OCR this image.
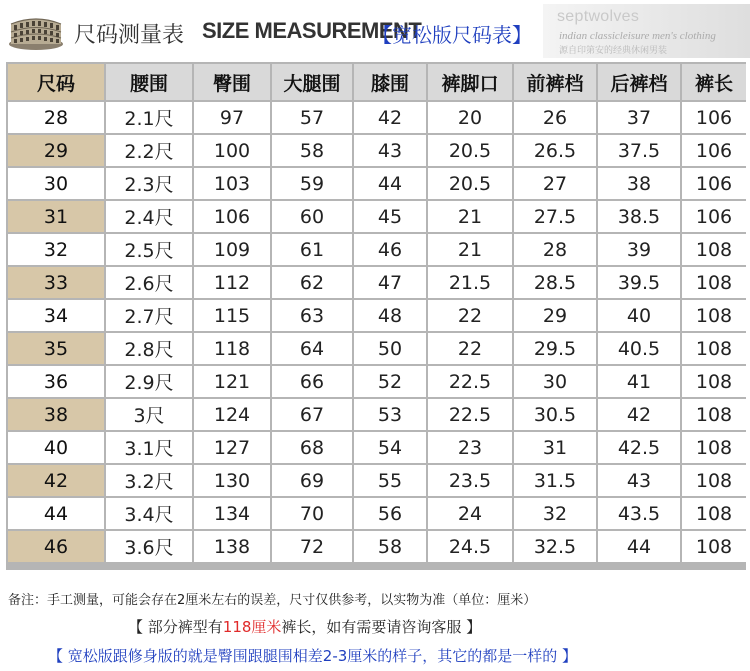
尺码测量表 SIZE MEASUREMENT
【宽松版尺码表】
septwolves
indian classicleisure men's clothing
源自印第安的经典休闲男装
尺码	腰围	臀围	大腿围	膝围	裤脚口	前裤档	后裤档	裤长
28	2.1尺	97	57	42	20	26	37	106
29	2.2尺	100	58	43	20.5	26.5	37.5	106
30	2.3尺	103	59	44	20.5	27	38	106
31	2.4尺	106	60	45	21	27.5	38.5	106
32	2.5尺	109	61	46	21	28	39	108
33	2.6尺	112	62	47	21.5	28.5	39.5	108
34	2.7尺	115	63	48	22	29	40	108
35	2.8尺	118	64	50	22	29.5	40.5	108
36	2.9尺	121	66	52	22.5	30	41	108
38	3尺	124	67	53	22.5	30.5	42	108
40	3.1尺	127	68	54	23	31	42.5	108
42	3.2尺	130	69	55	23.5	31.5	43	108
44	3.4尺	134	70	56	24	32	43.5	108
46	3.6尺	138	72	58	24.5	32.5	44	108
备注：手工测量，可能会存在2厘米左右的误差，尺寸仅供参考，以实物为准（单位：厘米）
【 部分裤型有118厘米裤长，如有需要请咨询客服 】
【 宽松版跟修身版的就是臀围跟腿围相差2-3厘米的样子，其它的都是一样的 】
